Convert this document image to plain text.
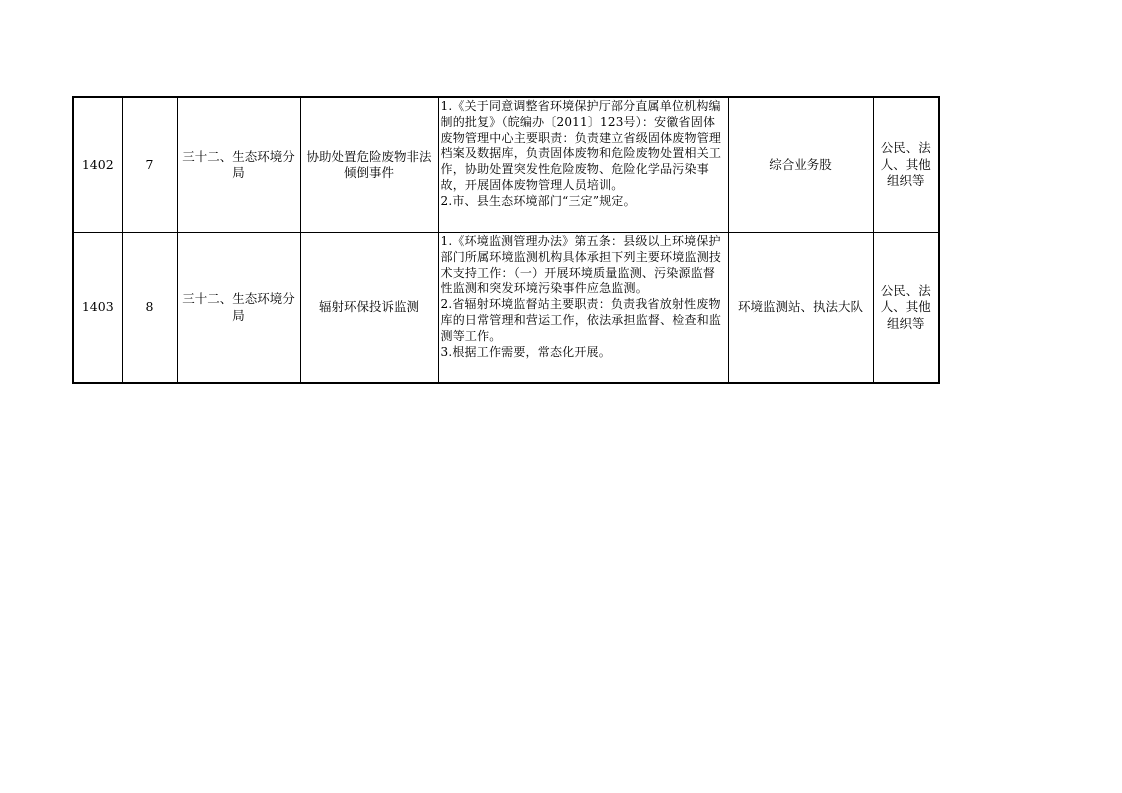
1402	7	三十二、生态环境分局	协助处置危险废物非法倾倒事件	1.《关于同意调整省环境保护厅部分直属单位机构编制的批复》（皖编办〔2011〕123号）：安徽省固体废物管理中心主要职责：负责建立省级固体废物管理档案及数据库，负责固体废物和危险废物处置相关工作，协助处置突发性危险废物、危险化学品污染事故，开展固体废物管理人员培训。
2.市、县生态环境部门“三定”规定。	综合业务股	公民、法人、其他组织等
1403	8	三十二、生态环境分局	辐射环保投诉监测	1.《环境监测管理办法》第五条：县级以上环境保护部门所属环境监测机构具体承担下列主要环境监测技术支持工作：（一）开展环境质量监测、污染源监督性监测和突发环境污染事件应急监测。
2.省辐射环境监督站主要职责：负责我省放射性废物库的日常管理和营运工作，依法承担监督、检查和监测等工作。
3.根据工作需要，常态化开展。	环境监测站、执法大队	公民、法人、其他组织等
